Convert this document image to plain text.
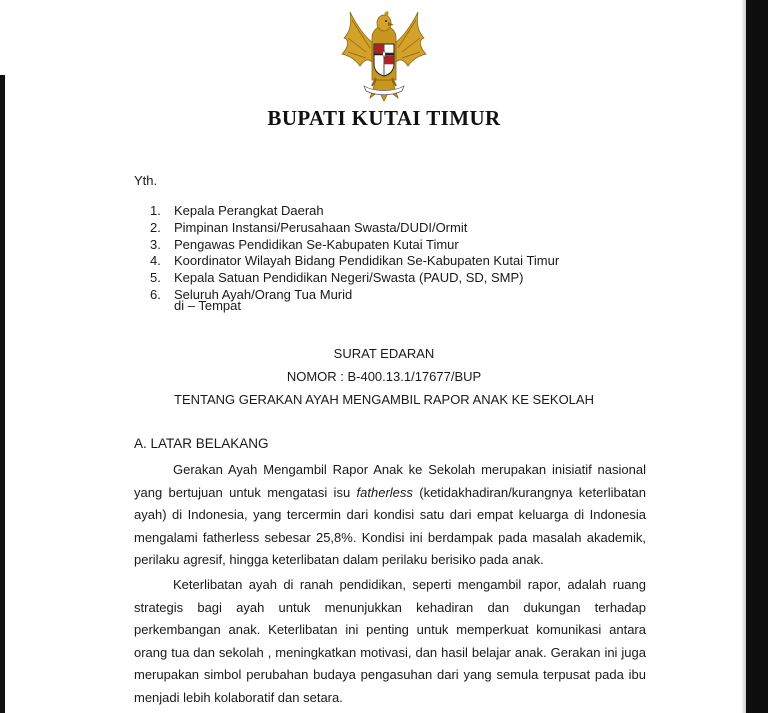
BUPATI KUTAI TIMUR
Yth.
1.	Kepala Perangkat Daerah
2.	Pimpinan Instansi/Perusahaan Swasta/DUDI/Ormit
3.	Pengawas Pendidikan Se-Kabupaten Kutai Timur
4.	Koordinator Wilayah Bidang Pendidikan Se-Kabupaten Kutai Timur
5.	Kepala Satuan Pendidikan Negeri/Swasta (PAUD, SD, SMP)
6.	Seluruh Ayah/Orang Tua Murid
di – Tempat
SURAT EDARAN
NOMOR : B-400.13.1/17677/BUP
TENTANG GERAKAN AYAH MENGAMBIL RAPOR ANAK KE SEKOLAH
A. LATAR BELAKANG

Gerakan Ayah Mengambil Rapor Anak ke Sekolah merupakan inisiatif nasional yang bertujuan untuk mengatasi isu fatherless (ketidakhadiran/kurangnya keterlibatan ayah) di Indonesia, yang tercermin dari kondisi satu dari empat keluarga di Indonesia mengalami fatherless sebesar 25,8%. Kondisi ini berdampak pada masalah akademik, perilaku agresif, hingga keterlibatan dalam perilaku berisiko pada anak.

Keterlibatan ayah di ranah pendidikan, seperti mengambil rapor, adalah ruang strategis bagi ayah untuk menunjukkan kehadiran dan dukungan terhadap perkembangan anak. Keterlibatan ini penting untuk memperkuat komunikasi antara orang tua dan sekolah , meningkatkan motivasi, dan hasil belajar anak. Gerakan ini juga merupakan simbol perubahan budaya pengasuhan dari yang semula terpusat pada ibu menjadi lebih kolaboratif dan setara.
